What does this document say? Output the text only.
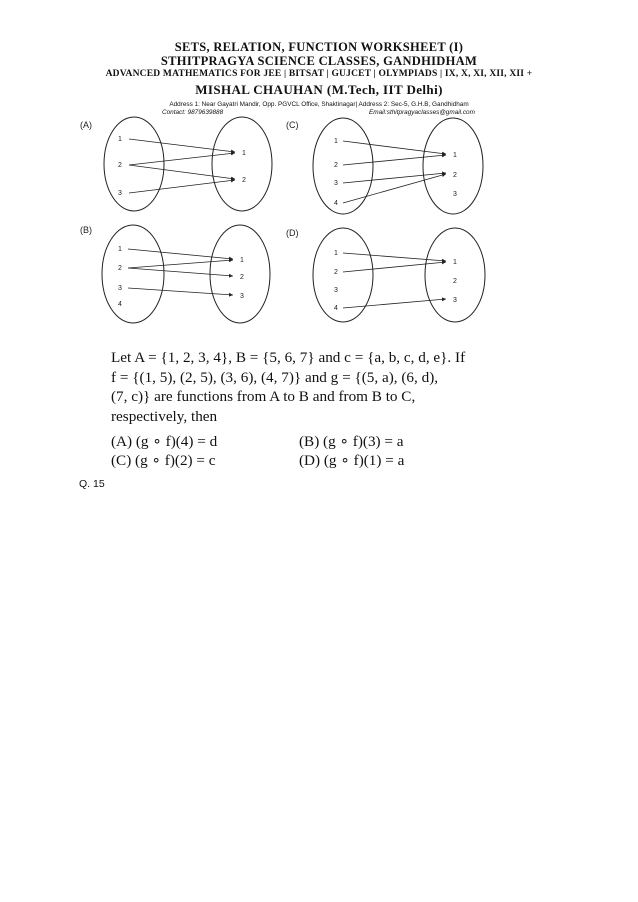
SETS, RELATION, FUNCTION WORKSHEET (I)
STHITPRAGYA SCIENCE CLASSES, GANDHIDHAM
ADVANCED MATHEMATICS FOR JEE | BITSAT | GUJCET | OLYMPIADS | IX, X, XI, XII, XII +
MISHAL CHAUHAN (M.Tech, IIT Delhi)
Address 1: Near Gayatri Mandir, Opp. PGVCL Office, Shaktinagar| Address 2: Sec-5, G.H.B, Gandhidham
Contact: 9879639888	Email:sthitpragyaclasses@gmail.com
(A)
1
2
3
1
2
(C)
1
2
3
4
1
2
3
(B)
1
2
3
4
1
2
3
(D)
1
2
3
4
1
2
3
Let A = {1, 2, 3, 4}, B = {5, 6, 7} and c = {a, b, c, d, e}. If
f = {(1, 5), (2, 5), (3, 6), (4, 7)} and g = {(5, a), (6, d),
(7, c)} are functions from A to B and from B to C,
respectively, then
(A) (g ∘ f)(4) = d	(B) (g ∘ f)(3) = a
(C) (g ∘ f)(2) = c	(D) (g ∘ f)(1) = a
Q. 15
